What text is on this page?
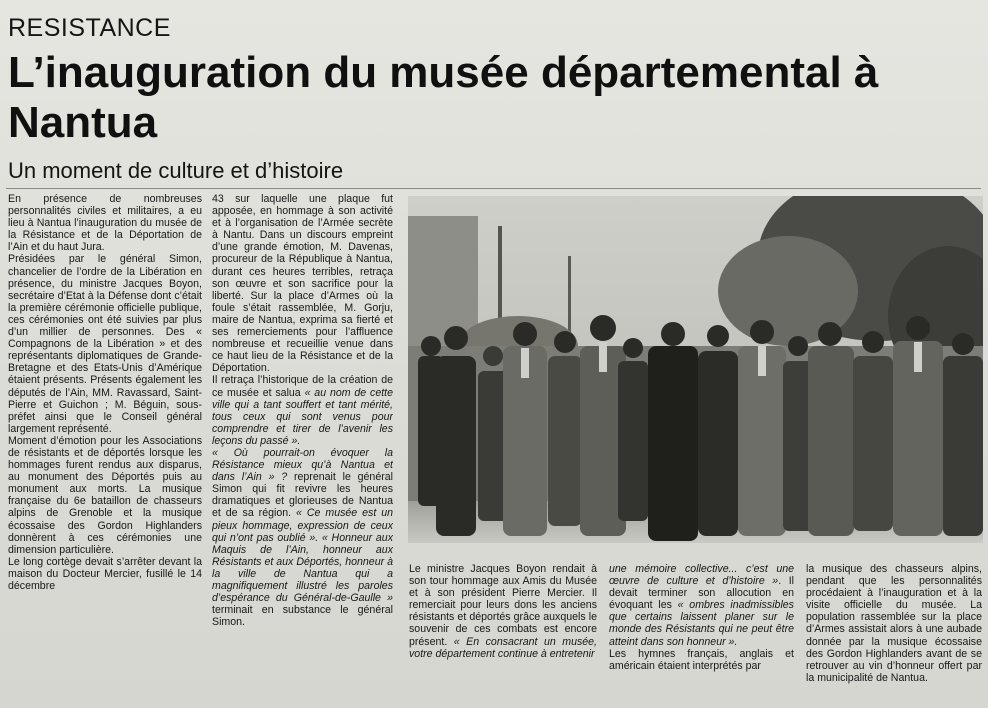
RESISTANCE
L’inauguration du musée départemental à Nantua
Un moment de culture et d’histoire

En présence de nombreuses personnalités civiles et militaires, a eu lieu à Nantua l’inauguration du musée de la Résistance et de la Déportation de l’Ain et du haut Jura.

Présidées par le général Simon, chancelier de l’ordre de la Libération en présence, du ministre Jacques Boyon, secrétaire d’Etat à la Défense dont c’était la première cérémonie officielle publique, ces cérémonies ont été suivies par plus d’un millier de personnes. Des « Compagnons de la Libération » et des représentants diplomatiques de Grande-Bretagne et des Etats-Unis d’Amérique étaient présents. Présents également les députés de l’Ain, MM. Ravassard, Saint-Pierre et Guichon ; M. Béguin, sous-préfet ainsi que le Conseil général largement représenté.

Moment d’émotion pour les Associations de résistants et de déportés lorsque les hommages furent rendus aux disparus, au monument des Déportés puis au monument aux morts. La musique française du 6e bataillon de chasseurs alpins de Grenoble et la musique écossaise des Gordon Highlanders donnèrent à ces cérémonies une dimension particulière.

Le long cortège devait s’arrêter devant la maison du Docteur Mercier, fusillé le 14 décembre

43 sur laquelle une plaque fut apposée, en hommage à son activité et à l’organisation de l’Armée secrète à Nantu. Dans un discours empreint d’une grande émotion, M. Davenas, procureur de la République à Nantua, durant ces heures terribles, retraça son œuvre et son sacrifice pour la liberté. Sur la place d’Armes où la foule s’était rassemblée, M. Gorju, maire de Nantua, exprima sa fierté et ses remerciements pour l’affluence nombreuse et recueillie venue dans ce haut lieu de la Résistance et de la Déportation.

Il retraça l’historique de la création de ce musée et salua « au nom de cette ville qui a tant souffert et tant mérité, tous ceux qui sont venus pour comprendre et tirer de l’avenir les leçons du passé ».

« Où pourrait-on évoquer la Résistance mieux qu’à Nantua et dans l’Ain » ? reprenait le général Simon qui fit revivre les heures dramatiques et glorieuses de Nantua et de sa région. « Ce musée est un pieux hommage, expression de ceux qui n’ont pas oublié ». « Honneur aux Maquis de l’Ain, honneur aux Résistants et aux Déportés, honneur à la ville de Nantua qui a magnifiquement illustré les paroles d’espérance du Général-de-Gaulle » terminait en substance le général Simon.

Le ministre Jacques Boyon rendait à son tour hommage aux Amis du Musée et à son président Pierre Mercier. Il remerciait pour leurs dons les anciens résistants et déportés grâce auxquels le souvenir de ces combats est encore présent. « En consacrant un musée, votre département continue à entretenir

une mémoire collective... c’est une œuvre de culture et d’histoire ». Il devait terminer son allocution en évoquant les « ombres inadmissibles que certains laissent planer sur le monde des Résistants qui ne peut être atteint dans son honneur ».

Les hymnes français, anglais et américain étaient interprétés par

la musique des chasseurs alpins, pendant que les personnalités procédaient à l’inauguration et à la visite officielle du musée. La population rassemblée sur la place d’Armes assistait alors à une aubade donnée par la musique écossaise des Gordon Highlanders avant de se retrouver au vin d’honneur offert par la municipalité de Nantua.
